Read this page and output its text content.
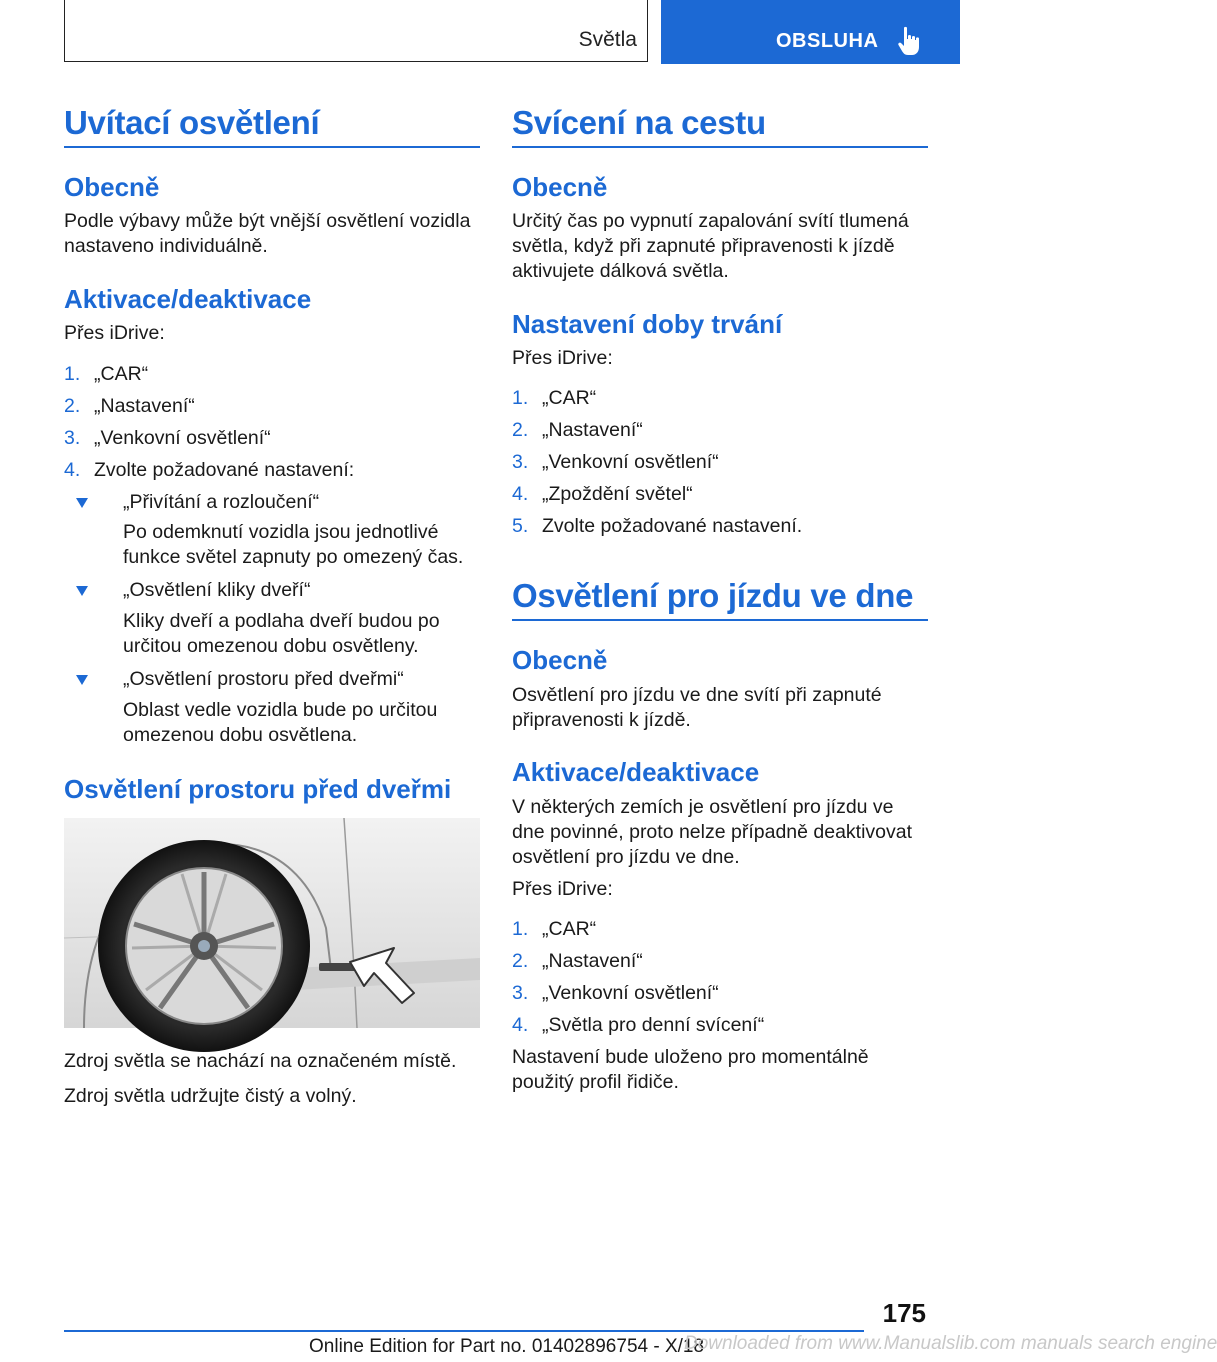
Světla	OBSLUHA
Uvítací osvětlení
Obecně
Podle výbavy může být vnější osvětlení vozidla nastaveno individuálně.
Aktivace/deaktivace
Přes iDrive:
1. „CAR“
2. „Nastavení“
3. „Venkovní osvětlení“
4. Zvolte požadované nastavení:
„Přivítání a rozloučení“
Po odemknutí vozidla jsou jednotlivé funkce světel zapnuty po omezený čas.
„Osvětlení kliky dveří“
Kliky dveří a podlaha dveří budou po určitou omezenou dobu osvětleny.
„Osvětlení prostoru před dveřmi“
Oblast vedle vozidla bude po určitou omezenou dobu osvětlena.
Osvětlení prostoru před dveřmi
Zdroj světla se nachází na označeném místě.
Zdroj světla udržujte čistý a volný.
Svícení na cestu
Obecně
Určitý čas po vypnutí zapalování svítí tlumená světla, když při zapnuté připravenosti k jízdě aktivujete dálková světla.
Nastavení doby trvání
Přes iDrive:
1. „CAR“
2. „Nastavení“
3. „Venkovní osvětlení“
4. „Zpoždění světel“
5. Zvolte požadované nastavení.
Osvětlení pro jízdu ve dne
Obecně
Osvětlení pro jízdu ve dne svítí při zapnuté připravenosti k jízdě.
Aktivace/deaktivace
V některých zemích je osvětlení pro jízdu ve dne povinné, proto nelze případně deaktivovat osvětlení pro jízdu ve dne.
Přes iDrive:
1. „CAR“
2. „Nastavení“
3. „Venkovní osvětlení“
4. „Světla pro denní svícení“
Nastavení bude uloženo pro momentálně použitý profil řidiče.
175
Online Edition for Part no. 01402896754 - X/18
Downloaded from www.Manualslib.com manuals search engine
